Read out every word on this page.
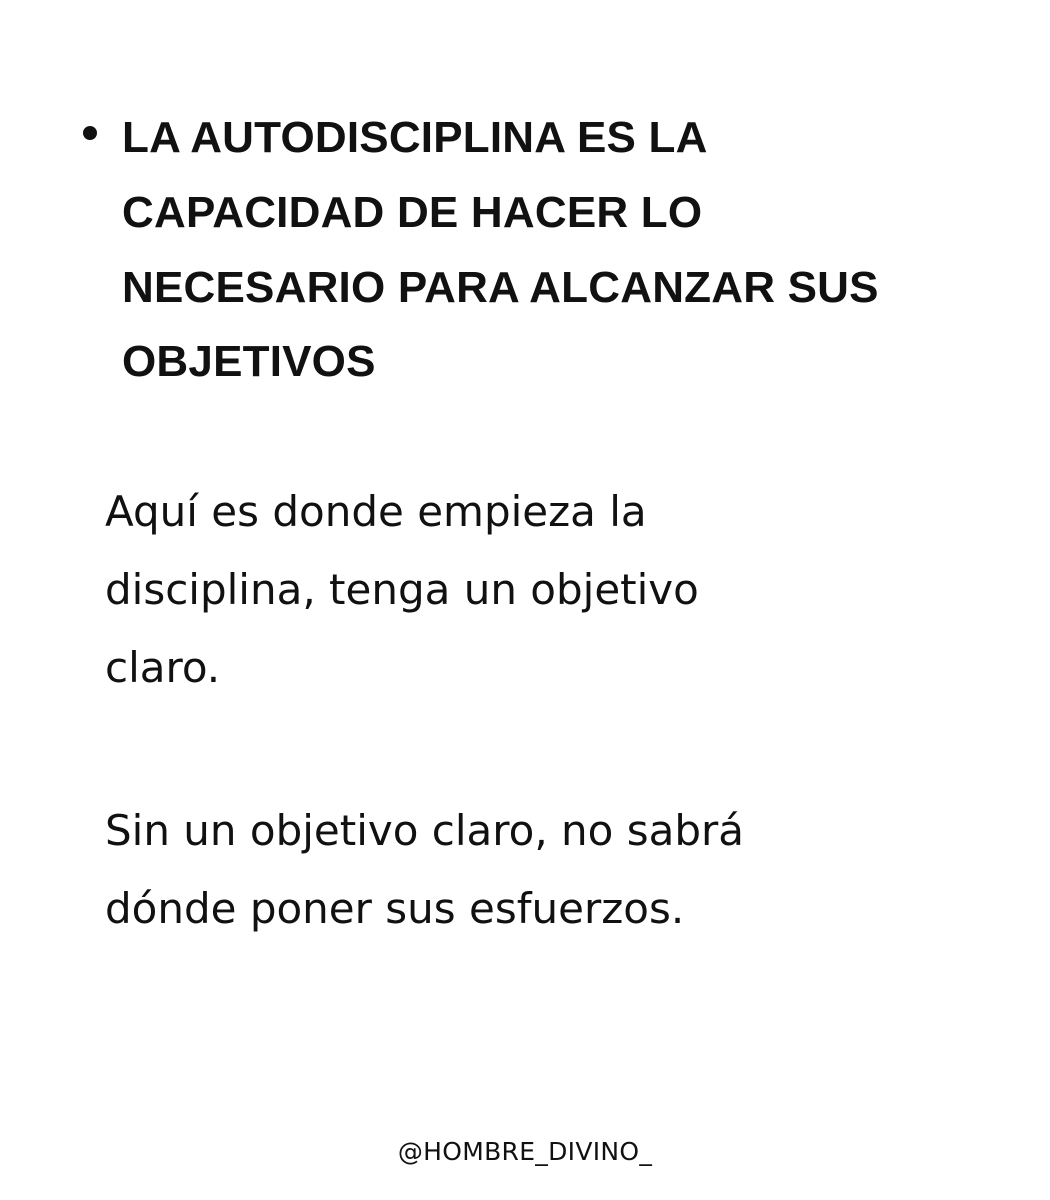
LA AUTODISCIPLINA ES LA
CAPACIDAD DE HACER LO
NECESARIO PARA ALCANZAR SUS
OBJETIVOS
Aquí es donde empieza la
disciplina, tenga un objetivo
claro.
Sin un objetivo claro, no sabrá
dónde poner sus esfuerzos.
@HOMBRE_DIVINO_
